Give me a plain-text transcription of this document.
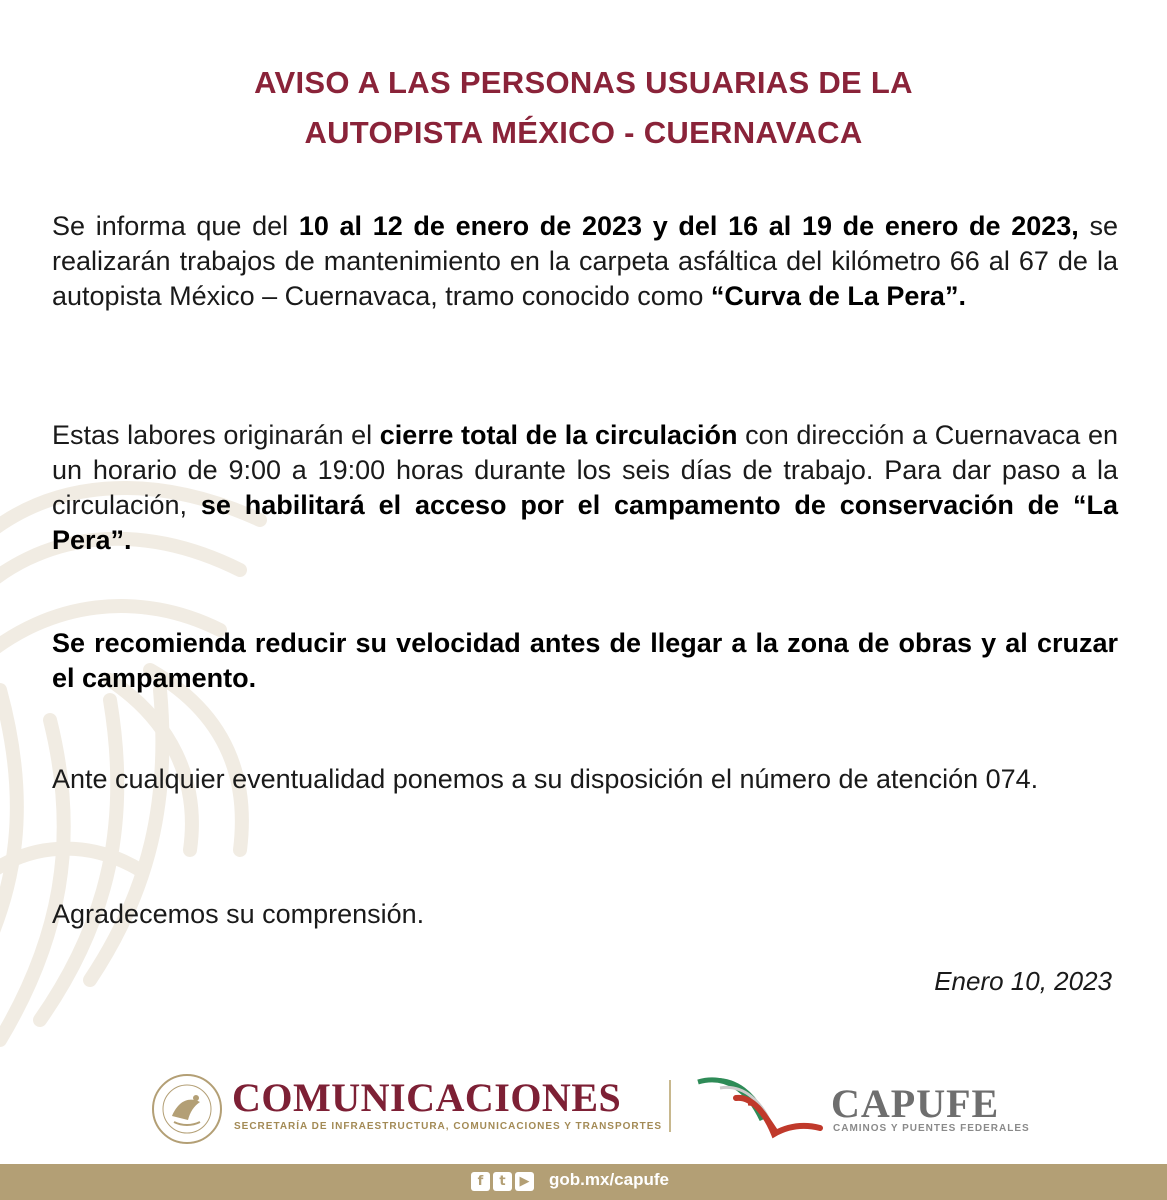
AVISO A LAS PERSONAS USUARIAS DE LA
AUTOPISTA MÉXICO - CUERNAVACA
Se informa que del 10 al 12 de enero de 2023 y del 16 al 19 de enero de 2023, se realizarán trabajos de mantenimiento en la carpeta asfáltica del kilómetro 66 al 67 de la autopista México – Cuernavaca, tramo conocido como “Curva de La Pera”.
Estas labores originarán el cierre total de la circulación con dirección a Cuernavaca en un horario de 9:00 a 19:00 horas durante los seis días de trabajo. Para dar paso a la circulación, se habilitará el acceso por el campamento de conservación de “La Pera”.
Se recomienda reducir su velocidad antes de llegar a la zona de obras y al cruzar el campamento.
Ante cualquier eventualidad ponemos a su disposición el número de atención 074.
Agradecemos su comprensión.
Enero 10, 2023
COMUNICACIONES
SECRETARÍA DE INFRAESTRUCTURA, COMUNICACIONES Y TRANSPORTES
CAPUFE
CAMINOS Y PUENTES FEDERALES
f	t	▶ gob.mx/capufe
